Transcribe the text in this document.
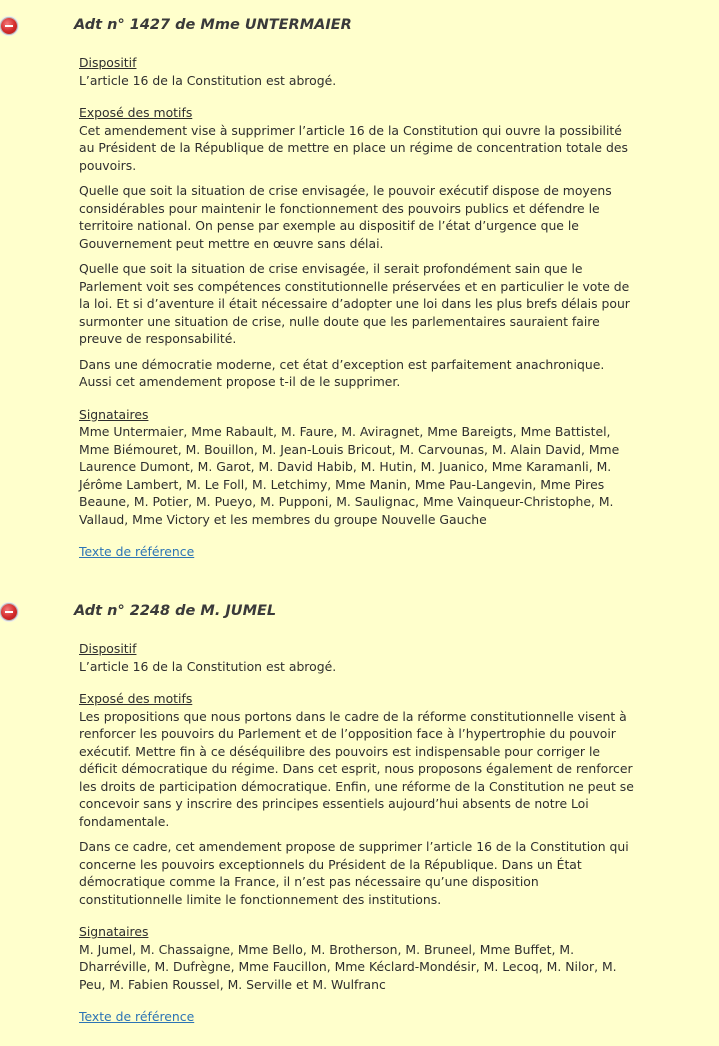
Adt n° 1427 de Mme UNTERMAIER
Dispositif

L’article 16 de la Constitution est abrogé.

Exposé des motifs

Cet amendement vise à supprimer l’article 16 de la Constitution qui ouvre la possibilité au Président de la République de mettre en place un régime de concentration totale des pouvoirs.

Quelle que soit la situation de crise envisagée, le pouvoir exécutif dispose de moyens considérables pour maintenir le fonctionnement des pouvoirs publics et défendre le territoire national. On pense par exemple au dispositif de l’état d’urgence que le Gouvernement peut mettre en œuvre sans délai.

Quelle que soit la situation de crise envisagée, il serait profondément sain que le Parlement voit ses compétences constitutionnelle préservées et en particulier le vote de la loi. Et si d’aventure il était nécessaire d’adopter une loi dans les plus brefs délais pour surmonter une situation de crise, nulle doute que les parlementaires sauraient faire preuve de responsabilité.

Dans une démocratie moderne, cet état d’exception est parfaitement anachronique. Aussi cet amendement propose t-il de le supprimer.

Signataires

Mme Untermaier, Mme Rabault, M. Faure, M. Aviragnet, Mme Bareigts, Mme Battistel, Mme Biémouret, M. Bouillon, M. Jean-Louis Bricout, M. Carvounas, M. Alain David, Mme Laurence Dumont, M. Garot, M. David Habib, M. Hutin, M. Juanico, Mme Karamanli, M. Jérôme Lambert, M. Le Foll, M. Letchimy, Mme Manin, Mme Pau-Langevin, Mme Pires Beaune, M. Potier, M. Pueyo, M. Pupponi, M. Saulignac, Mme Vainqueur-Christophe, M. Vallaud, Mme Victory et les membres du groupe Nouvelle Gauche

Texte de référence
Adt n° 2248 de M. JUMEL
Dispositif

L’article 16 de la Constitution est abrogé.

Exposé des motifs

Les propositions que nous portons dans le cadre de la réforme constitutionnelle visent à renforcer les pouvoirs du Parlement et de l’opposition face à l’hypertrophie du pouvoir exécutif. Mettre fin à ce déséquilibre des pouvoirs est indispensable pour corriger le déficit démocratique du régime. Dans cet esprit, nous proposons également de renforcer les droits de participation démocratique. Enfin, une réforme de la Constitution ne peut se concevoir sans y inscrire des principes essentiels aujourd’hui absents de notre Loi fondamentale.

Dans ce cadre, cet amendement propose de supprimer l’article 16 de la Constitution qui concerne les pouvoirs exceptionnels du Président de la République. Dans un État démocratique comme la France, il n’est pas nécessaire qu’une disposition constitutionnelle limite le fonctionnement des institutions.

Signataires

M. Jumel, M. Chassaigne, Mme Bello, M. Brotherson, M. Bruneel, Mme Buffet, M. Dharréville, M. Dufrègne, Mme Faucillon, Mme Kéclard-Mondésir, M. Lecoq, M. Nilor, M. Peu, M. Fabien Roussel, M. Serville et M. Wulfranc

Texte de référence
